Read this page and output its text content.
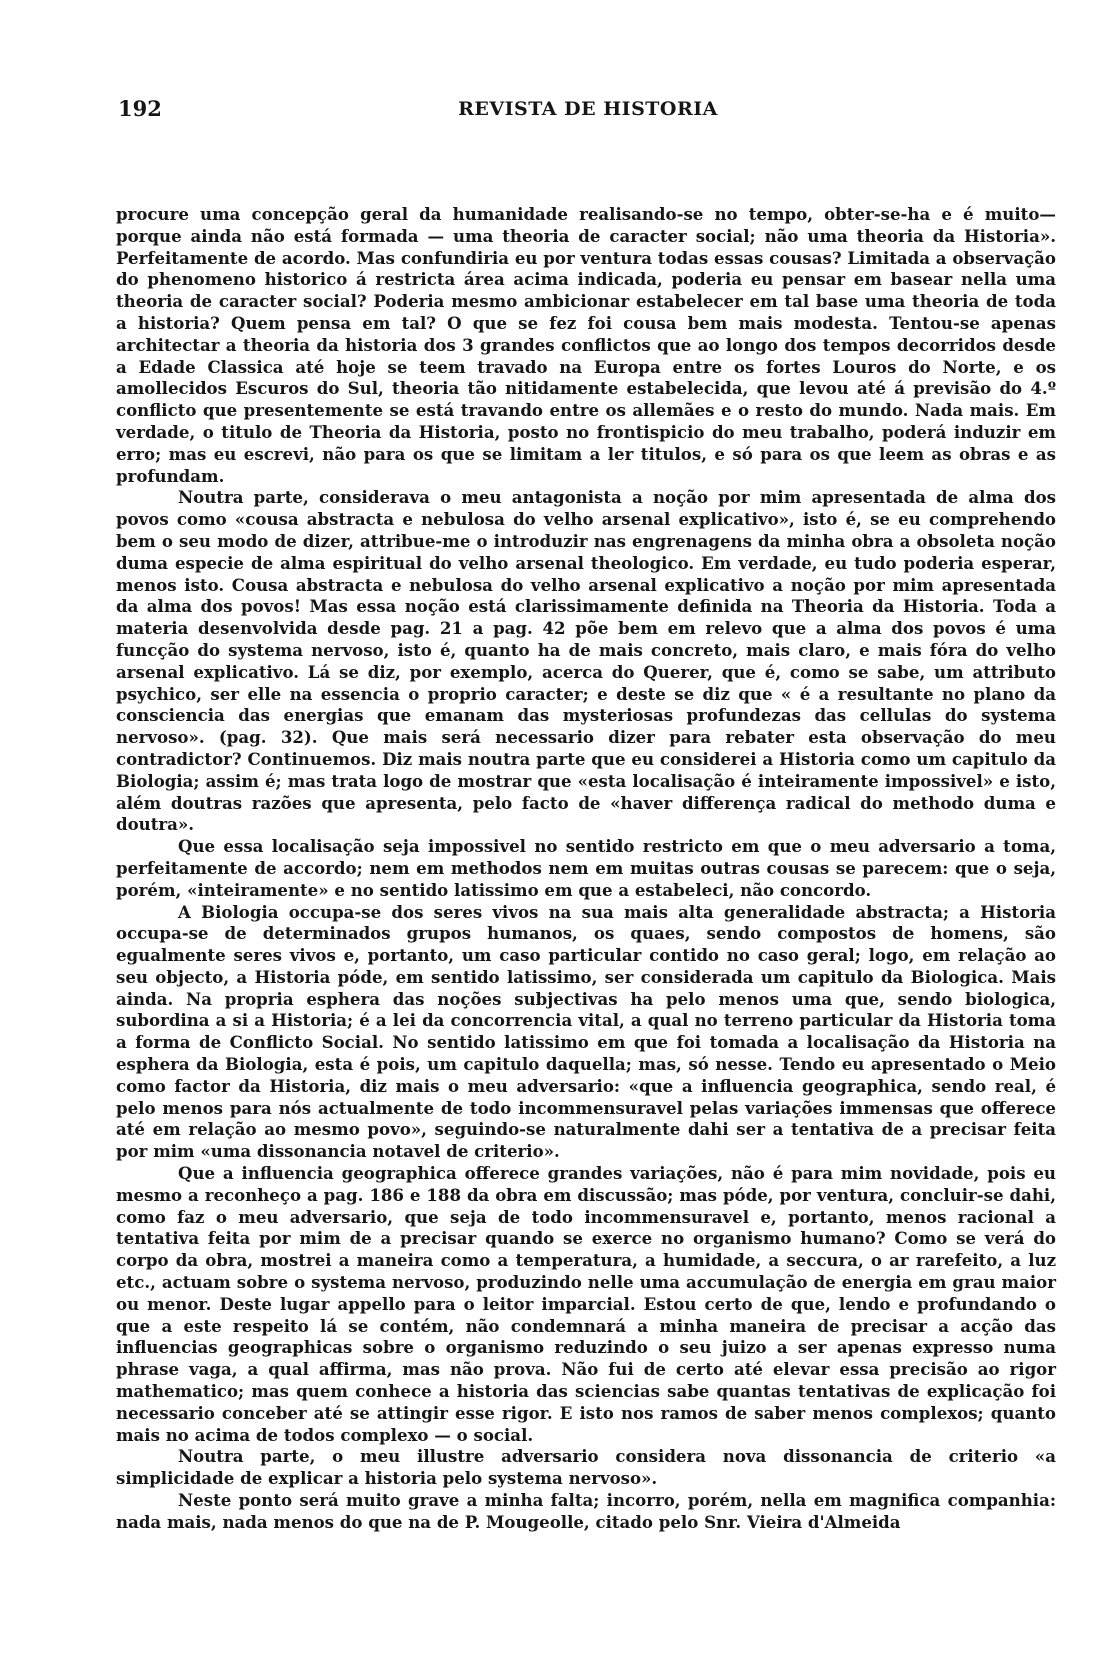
192	REVISTA DE HISTORIA

procure uma concepção geral da humanidade realisando-se no tempo, obter-se-ha e é muito— porque ainda não está formada — uma theoria de caracter social; não uma theoria da Historia». Perfeitamente de acordo. Mas confundiria eu por ventura todas essas cousas? Limitada a observação do phenomeno historico á restricta área acima indicada, poderia eu pensar em basear nella uma theoria de caracter social? Poderia mesmo ambicionar estabelecer em tal base uma theoria de toda a historia? Quem pensa em tal? O que se fez foi cousa bem mais modesta. Tentou-se apenas architectar a theoria da historia dos 3 grandes conflictos que ao longo dos tempos decorridos desde a Edade Classica até hoje se teem travado na Europa entre os fortes Louros do Norte, e os amollecidos Escuros do Sul, theoria tão nitidamente estabelecida, que levou até á previsão do 4.º conflicto que presentemente se está travando entre os allemães e o resto do mundo. Nada mais. Em verdade, o titulo de Theoria da Historia, posto no frontispicio do meu trabalho, poderá induzir em erro; mas eu escrevi, não para os que se limitam a ler titulos, e só para os que leem as obras e as profundam.

Noutra parte, considerava o meu antagonista a noção por mim apresentada de alma dos povos como «cousa abstracta e nebulosa do velho arsenal explicativo», isto é, se eu comprehendo bem o seu modo de dizer, attribue-me o introduzir nas engrenagens da minha obra a obsoleta noção duma especie de alma espiritual do velho arsenal theologico. Em verdade, eu tudo poderia esperar, menos isto. Cousa abstracta e nebulosa do velho arsenal explicativo a noção por mim apresentada da alma dos povos! Mas essa noção está clarissimamente definida na Theoria da Historia. Toda a materia desenvolvida desde pag. 21 a pag. 42 põe bem em relevo que a alma dos povos é uma funcção do systema nervoso, isto é, quanto ha de mais concreto, mais claro, e mais fóra do velho arsenal explicativo. Lá se diz, por exemplo, acerca do Querer, que é, como se sabe, um attributo psychico, ser elle na essencia o proprio caracter; e deste se diz que « é a resultante no plano da consciencia das energias que emanam das mysteriosas profundezas das cellulas do systema nervoso». (pag. 32). Que mais será necessario dizer para rebater esta observação do meu contradictor? Continuemos. Diz mais noutra parte que eu considerei a Historia como um capitulo da Biologia; assim é; mas trata logo de mostrar que «esta localisação é inteiramente impossivel» e isto, além doutras razões que apresenta, pelo facto de «haver differença radical do methodo duma e doutra».

Que essa localisação seja impossivel no sentido restricto em que o meu adversario a toma, perfeitamente de accordo; nem em methodos nem em muitas outras cousas se parecem: que o seja, porém, «inteiramente» e no sentido latissimo em que a estabeleci, não concordo.

A Biologia occupa-se dos seres vivos na sua mais alta generalidade abstracta; a Historia occupa-se de determinados grupos humanos, os quaes, sendo compostos de homens, são egualmente seres vivos e, portanto, um caso particular contido no caso geral; logo, em relação ao seu objecto, a Historia póde, em sentido latissimo, ser considerada um capitulo da Biologica. Mais ainda. Na propria esphera das noções subjectivas ha pelo menos uma que, sendo biologica, subordina a si a Historia; é a lei da concorrencia vital, a qual no terreno particular da Historia toma a forma de Conflicto Social. No sentido latissimo em que foi tomada a localisação da Historia na esphera da Biologia, esta é pois, um capitulo daquella; mas, só nesse. Tendo eu apresentado o Meio como factor da Historia, diz mais o meu adversario: «que a influencia geographica, sendo real, é pelo menos para nós actualmente de todo incommensuravel pelas variações immensas que offerece até em relação ao mesmo povo», seguindo-se naturalmente dahi ser a tentativa de a precisar feita por mim «uma dissonancia notavel de criterio».

Que a influencia geographica offerece grandes variações, não é para mim novidade, pois eu mesmo a reconheço a pag. 186 e 188 da obra em discussão; mas póde, por ventura, concluir-se dahi, como faz o meu adversario, que seja de todo incommensuravel e, portanto, menos racional a tentativa feita por mim de a precisar quando se exerce no organismo humano? Como se verá do corpo da obra, mostrei a maneira como a temperatura, a humidade, a seccura, o ar rarefeito, a luz etc., actuam sobre o systema nervoso, produzindo nelle uma accumulação de energia em grau maior ou menor. Deste lugar appello para o leitor imparcial. Estou certo de que, lendo e profundando o que a este respeito lá se contém, não condemnará a minha maneira de precisar a acção das influencias geographicas sobre o organismo reduzindo o seu juizo a ser apenas expresso numa phrase vaga, a qual affirma, mas não prova. Não fui de certo até elevar essa precisão ao rigor mathematico; mas quem conhece a historia das sciencias sabe quantas tentativas de explicação foi necessario conceber até se attingir esse rigor. E isto nos ramos de saber menos complexos; quanto mais no acima de todos complexo — o social.

Noutra parte, o meu illustre adversario considera nova dissonancia de criterio «a simplicidade de explicar a historia pelo systema nervoso».

Neste ponto será muito grave a minha falta; incorro, porém, nella em magnifica companhia: nada mais, nada menos do que na de P. Mougeolle, citado pelo Snr. Vieira d'Almeida
